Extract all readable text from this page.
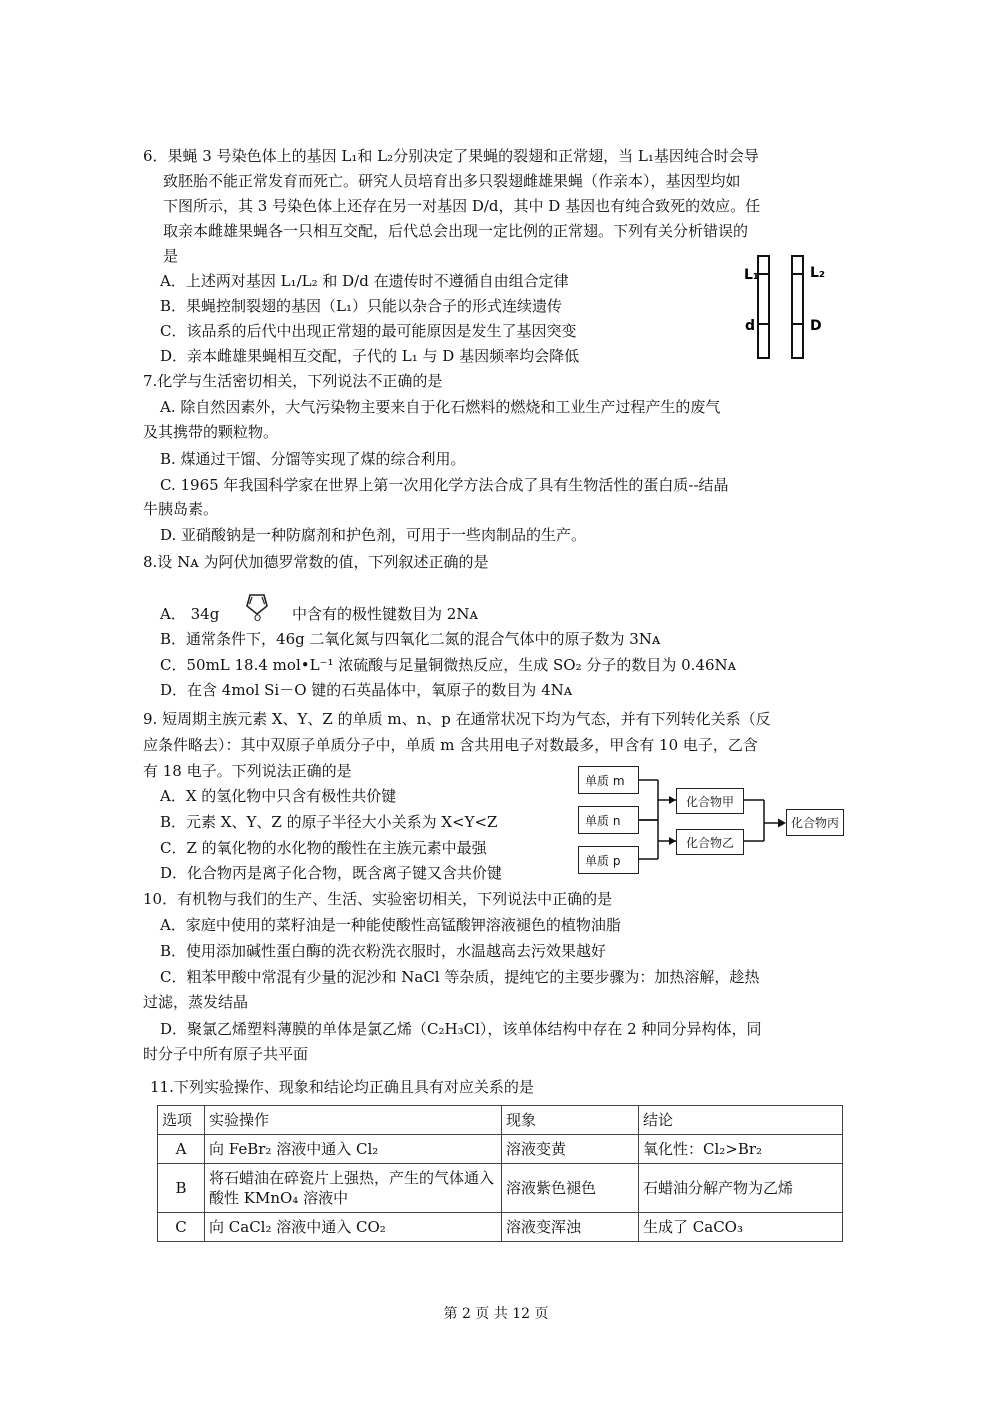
6．果蝇 3 号染色体上的基因 L₁和 L₂分别决定了果蝇的裂翅和正常翅，当 L₁基因纯合时会导
致胚胎不能正常发育而死亡。研究人员培育出多只裂翅雌雄果蝇（作亲本），基因型均如
下图所示，其 3 号染色体上还存在另一对基因 D/d，其中 D 基因也有纯合致死的效应。任
取亲本雌雄果蝇各一只相互交配，后代总会出现一定比例的正常翅。下列有关分析错误的
是
A．上述两对基因 L₁/L₂ 和 D/d 在遗传时不遵循自由组合定律
B．果蝇控制裂翅的基因（L₁）只能以杂合子的形式连续遗传
C．该品系的后代中出现正常翅的最可能原因是发生了基因突变
D．亲本雌雄果蝇相互交配，子代的 L₁ 与 D 基因频率均会降低
L₁	L₂
d	D
7.化学与生活密切相关，下列说法不正确的是
A. 除自然因素外，大气污染物主要来自于化石燃料的燃烧和工业生产过程产生的废气
及其携带的颗粒物。
B. 煤通过干馏、分馏等实现了煤的综合利用。
C. 1965 年我国科学家在世界上第一次用化学方法合成了具有生物活性的蛋白质--结晶
牛胰岛素。
D. 亚硝酸钠是一种防腐剂和护色剂，可用于一些肉制品的生产。
8.设 Nᴀ 为阿伏加德罗常数的值，下列叙述正确的是
A． 34g	O 中含有的极性键数目为 2Nᴀ
B．通常条件下，46g 二氧化氮与四氧化二氮的混合气体中的原子数为 3Nᴀ
C．50mL 18.4 mol•L⁻¹ 浓硫酸与足量铜微热反应，生成 SO₂ 分子的数目为 0.46Nᴀ
D．在含 4mol Si－O 键的石英晶体中，氧原子的数目为 4Nᴀ
9. 短周期主族元素 X、Y、Z 的单质 m、n、p 在通常状况下均为气态，并有下列转化关系（反
应条件略去）：其中双原子单质分子中，单质 m 含共用电子对数最多，甲含有 10 电子，乙含
有 18 电子。下列说法正确的是
A．X 的氢化物中只含有极性共价键
B．元素 X、Y、Z 的原子半径大小关系为 X<Y<Z
C．Z 的氧化物的水化物的酸性在主族元素中最强
D．化合物丙是离子化合物，既含离子键又含共价键
单质 m
单质 n
单质 p
化合物甲
化合物乙
化合物丙
10．有机物与我们的生产、生活、实验密切相关，下列说法中正确的是
A．家庭中使用的菜籽油是一种能使酸性高锰酸钾溶液褪色的植物油脂
B．使用添加碱性蛋白酶的洗衣粉洗衣服时，水温越高去污效果越好
C．粗苯甲酸中常混有少量的泥沙和 NaCl 等杂质，提纯它的主要步骤为：加热溶解，趁热
过滤，蒸发结晶
D．聚氯乙烯塑料薄膜的单体是氯乙烯（C₂H₃Cl），该单体结构中存在 2 种同分异构体，同
时分子中所有原子共平面
11.下列实验操作、现象和结论均正确且具有对应关系的是
选项	实验操作	现象	结论
A	向 FeBr₂ 溶液中通入 Cl₂	溶液变黄	氧化性：Cl₂>Br₂
B	将石蜡油在碎瓷片上强热，产生的气体通入酸性 KMnO₄ 溶液中	溶液紫色褪色	石蜡油分解产物为乙烯
C	向 CaCl₂ 溶液中通入 CO₂	溶液变浑浊	生成了 CaCO₃
第 2 页 共 12 页
